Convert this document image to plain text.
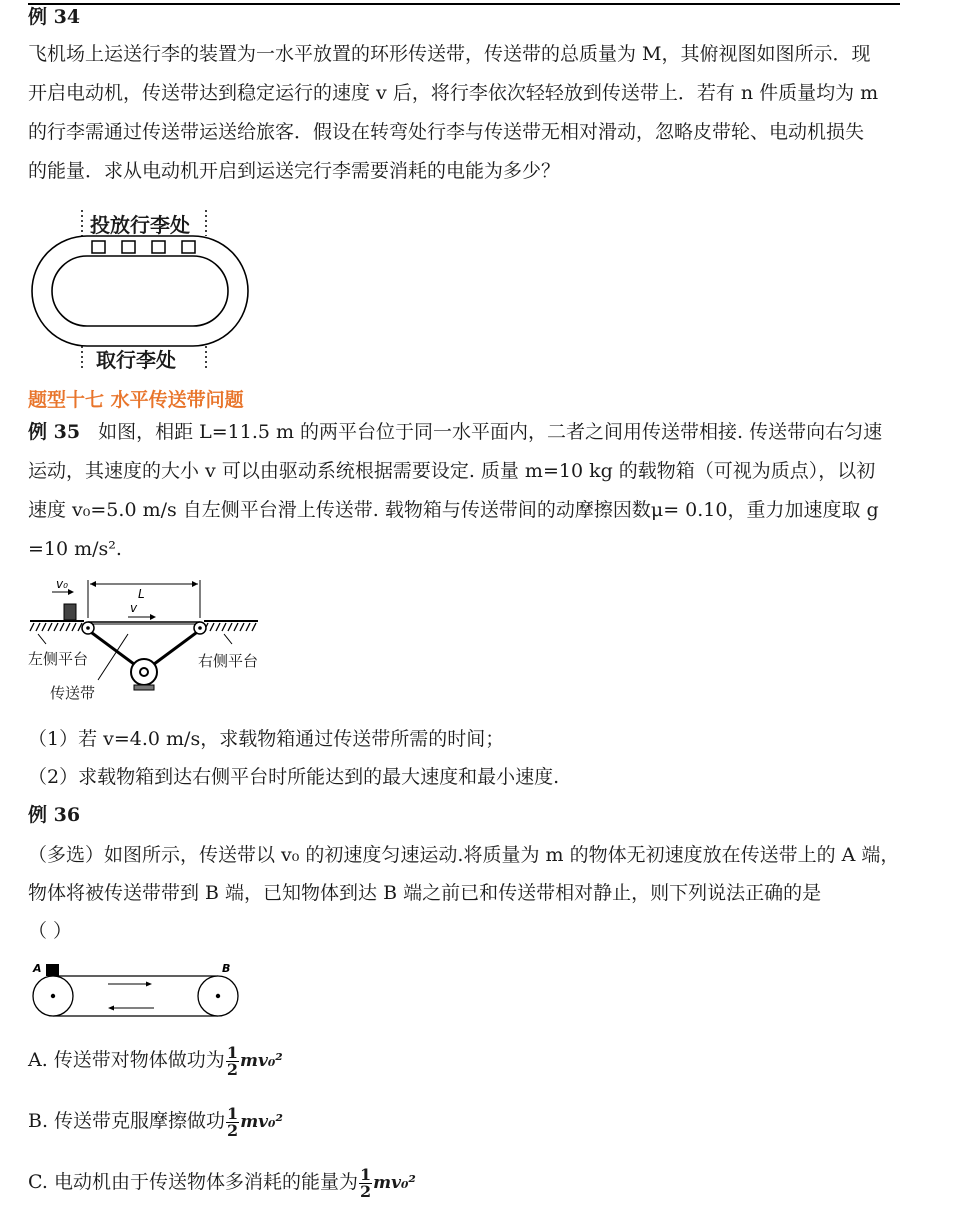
例 34
飞机场上运送行李的装置为一水平放置的环形传送带，传送带的总质量为 M，其俯视图如图所示．现
开启电动机，传送带达到稳定运行的速度 v 后，将行李依次轻轻放到传送带上．若有 n 件质量均为 m
的行李需通过传送带运送给旅客．假设在转弯处行李与传送带无相对滑动，忽略皮带轮、电动机损失
的能量．求从电动机开启到运送完行李需要消耗的电能为多少？
投放行李处
取行李处
题型十七 水平传送带问题
例 35 如图，相距 L=11.5 m 的两平台位于同一水平面内，二者之间用传送带相接. 传送带向右匀速
运动，其速度的大小 v 可以由驱动系统根据需要设定. 质量 m=10 kg 的载物箱（可视为质点），以初
速度 v₀=5.0 m/s 自左侧平台滑上传送带. 载物箱与传送带间的动摩擦因数μ= 0.10，重力加速度取 g
=10 m/s².
v₀
L
v
左侧平台	右侧平台
传送带
（1）若 v=4.0 m/s，求载物箱通过传送带所需的时间；
（2）求载物箱到达右侧平台时所能达到的最大速度和最小速度.
例 36
（多选）如图所示，传送带以 v₀ 的初速度匀速运动.将质量为 m 的物体无初速度放在传送带上的 A 端，
物体将被传送带带到 B 端，已知物体到达 B 端之前已和传送带相对静止，则下列说法正确的是
（ ）
A	B
A. 传送带对物体做功为 $\frac{1}{2} mv_0^2$
B. 传送带克服摩擦做功 $\frac{1}{2} mv_0^2$
C. 电动机由于传送物体多消耗的能量为 $\frac{1}{2} mv_0^2$
